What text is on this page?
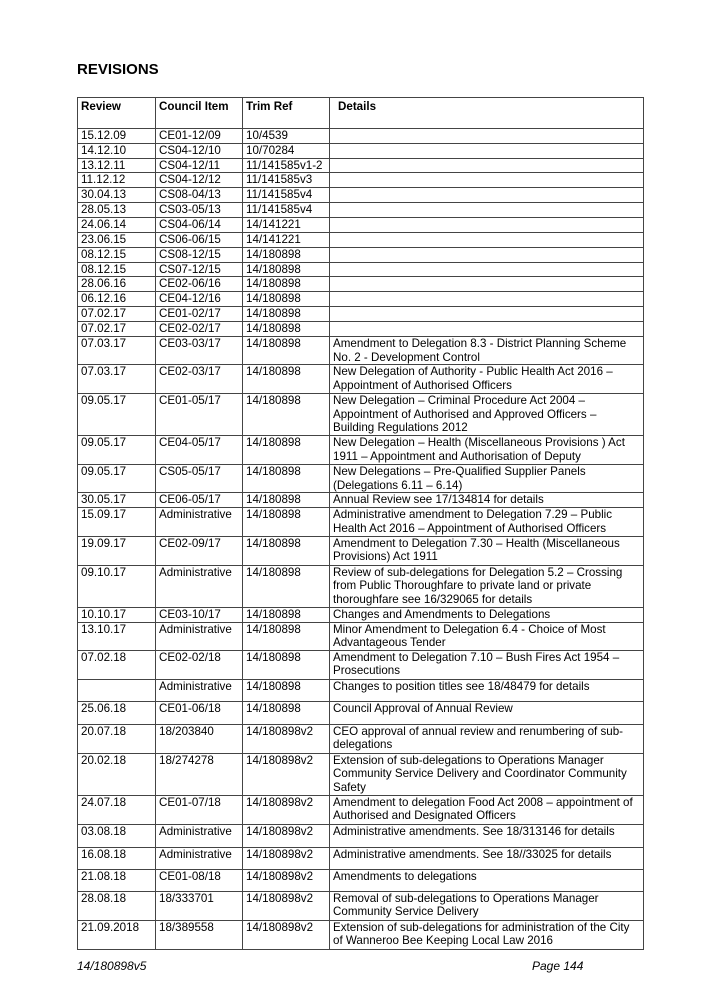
REVISIONS
Review	Council Item	Trim Ref	Details
15.12.09	CE01-12/09	10/4539	
14.12.10	CS04-12/10	10/70284	
13.12.11	CS04-12/11	11/141585v1-2	
11.12.12	CS04-12/12	11/141585v3	
30.04.13	CS08-04/13	11/141585v4	
28.05.13	CS03-05/13	11/141585v4	
24.06.14	CS04-06/14	14/141221	
23.06.15	CS06-06/15	14/141221	
08.12.15	CS08-12/15	14/180898	
08.12.15	CS07-12/15	14/180898	
28.06.16	CE02-06/16	14/180898	
06.12.16	CE04-12/16	14/180898	
07.02.17	CE01-02/17	14/180898	
07.02.17	CE02-02/17	14/180898	
07.03.17	CE03-03/17	14/180898	Amendment to Delegation 8.3 - District Planning Scheme No. 2 - Development Control
07.03.17	CE02-03/17	14/180898	New Delegation of Authority - Public Health Act 2016 – Appointment of Authorised Officers
09.05.17	CE01-05/17	14/180898	New Delegation – Criminal Procedure Act 2004 – Appointment of Authorised and Approved Officers – Building Regulations 2012
09.05.17	CE04-05/17	14/180898	New Delegation – Health (Miscellaneous Provisions ) Act 1911 – Appointment and Authorisation of Deputy
09.05.17	CS05-05/17	14/180898	New Delegations – Pre-Qualified Supplier Panels (Delegations 6.11 – 6.14)
30.05.17	CE06-05/17	14/180898	Annual Review see 17/134814 for details
15.09.17	Administrative	14/180898	Administrative amendment to Delegation 7.29 – Public Health Act 2016 – Appointment of Authorised Officers
19.09.17	CE02-09/17	14/180898	Amendment to Delegation 7.30 – Health (Miscellaneous Provisions) Act 1911
09.10.17	Administrative	14/180898	Review of sub-delegations for Delegation 5.2 – Crossing from Public Thoroughfare to private land or private thoroughfare see 16/329065 for details
10.10.17	CE03-10/17	14/180898	Changes and Amendments to Delegations
13.10.17	Administrative	14/180898	Minor Amendment to Delegation 6.4 - Choice of Most Advantageous Tender
07.02.18	CE02-02/18	14/180898	Amendment to Delegation 7.10 – Bush Fires Act 1954 – Prosecutions
	Administrative	14/180898	Changes to position titles see 18/48479 for details
25.06.18	CE01-06/18	14/180898	Council Approval of Annual Review
20.07.18	18/203840	14/180898v2	CEO approval of annual review and renumbering of sub-delegations
20.02.18	18/274278	14/180898v2	Extension of sub-delegations to Operations Manager Community Service Delivery and Coordinator Community Safety
24.07.18	CE01-07/18	14/180898v2	Amendment to delegation Food Act 2008 – appointment of Authorised and Designated Officers
03.08.18	Administrative	14/180898v2	Administrative amendments. See 18/313146 for details
16.08.18	Administrative	14/180898v2	Administrative amendments. See 18//33025 for details
21.08.18	CE01-08/18	14/180898v2	Amendments to delegations
28.08.18	18/333701	14/180898v2	Removal of sub-delegations to Operations Manager Community Service Delivery
21.09.2018	18/389558	14/180898v2	Extension of sub-delegations for administration of the City of Wanneroo Bee Keeping Local Law 2016
14/180898v5	Page 144
